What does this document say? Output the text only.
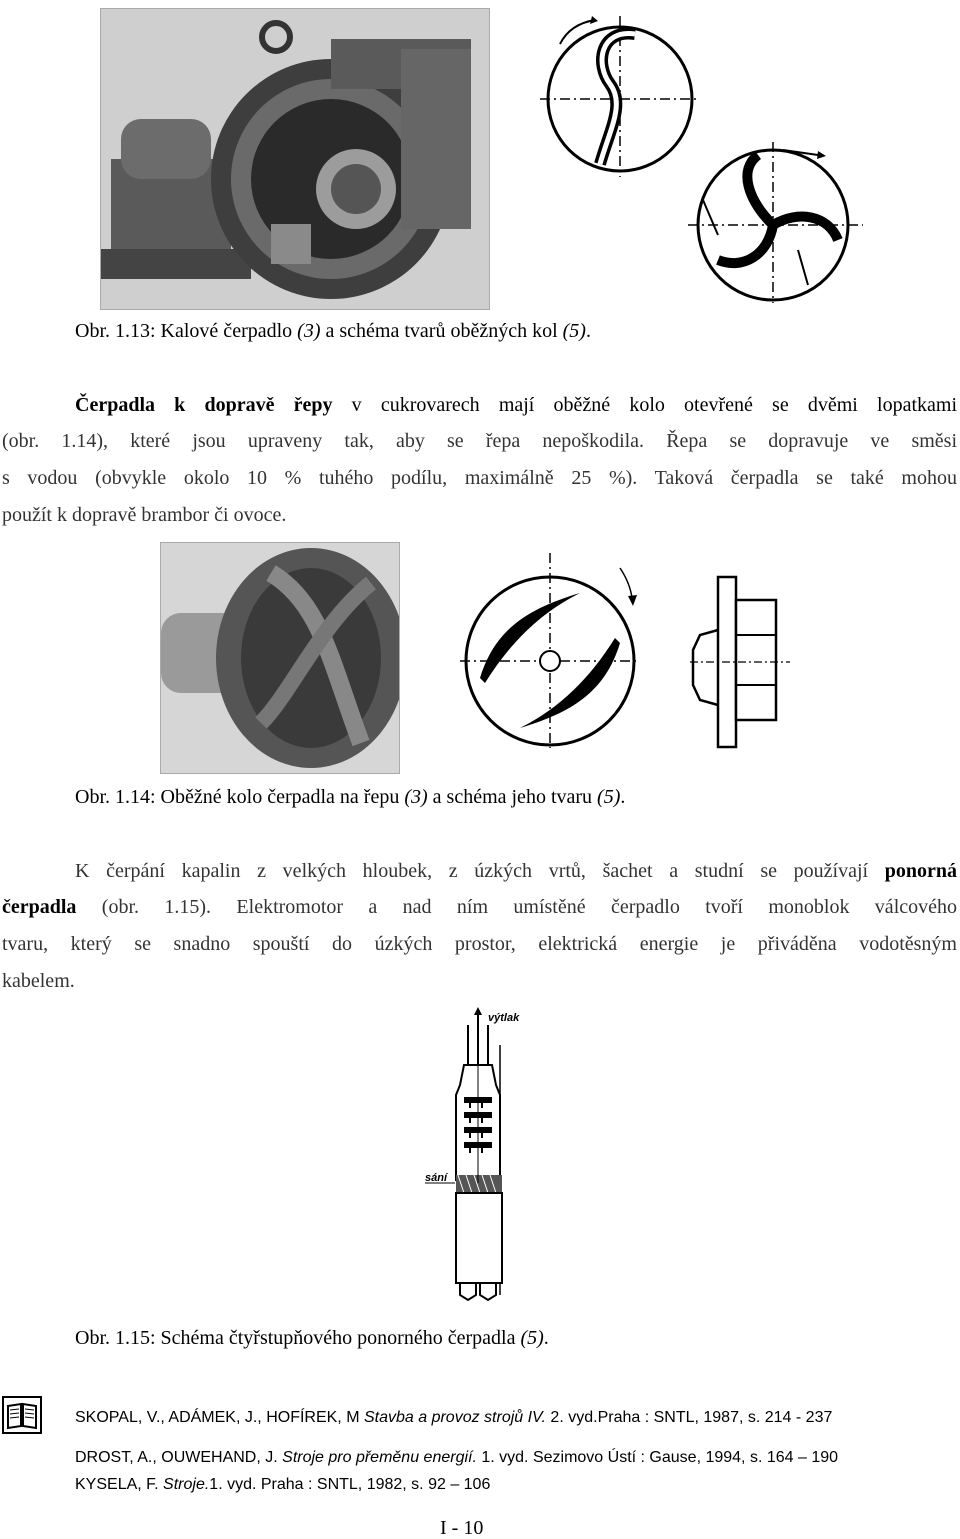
Obr. 1.13: Kalové čerpadlo (3) a schéma tvarů oběžných kol (5).
Čerpadla k dopravě řepy v cukrovarech mají oběžné kolo otevřené se dvěmi lopatkami
(obr. 1.14), které jsou upraveny tak, aby se řepa nepoškodila. Řepa se dopravuje ve směsi
s vodou (obvykle okolo 10 % tuhého podílu, maximálně 25 %). Taková čerpadla se také mohou
použít k dopravě brambor či ovoce.
Obr. 1.14: Oběžné kolo čerpadla na řepu (3) a schéma jeho tvaru (5).
K čerpání kapalin z velkých hloubek, z úzkých vrtů, šachet a studní se používají ponorná
čerpadla (obr. 1.15). Elektromotor a nad ním umístěné čerpadlo tvoří monoblok válcového
tvaru, který se snadno spouští do úzkých prostor, elektrická energie je přiváděna vodotěsným
kabelem.
výtlak
sání
Obr. 1.15: Schéma čtyřstupňového ponorného čerpadla (5).
SKOPAL, V., ADÁMEK, J., HOFÍREK, M Stavba a provoz strojů IV. 2. vyd.Praha : SNTL, 1987, s. 214 - 237
DROST, A., OUWEHAND, J. Stroje pro přeměnu energií. 1. vyd. Sezimovo Ústí : Gause, 1994, s. 164 – 190
KYSELA, F. Stroje.1. vyd. Praha : SNTL, 1982, s. 92 – 106
I - 10
